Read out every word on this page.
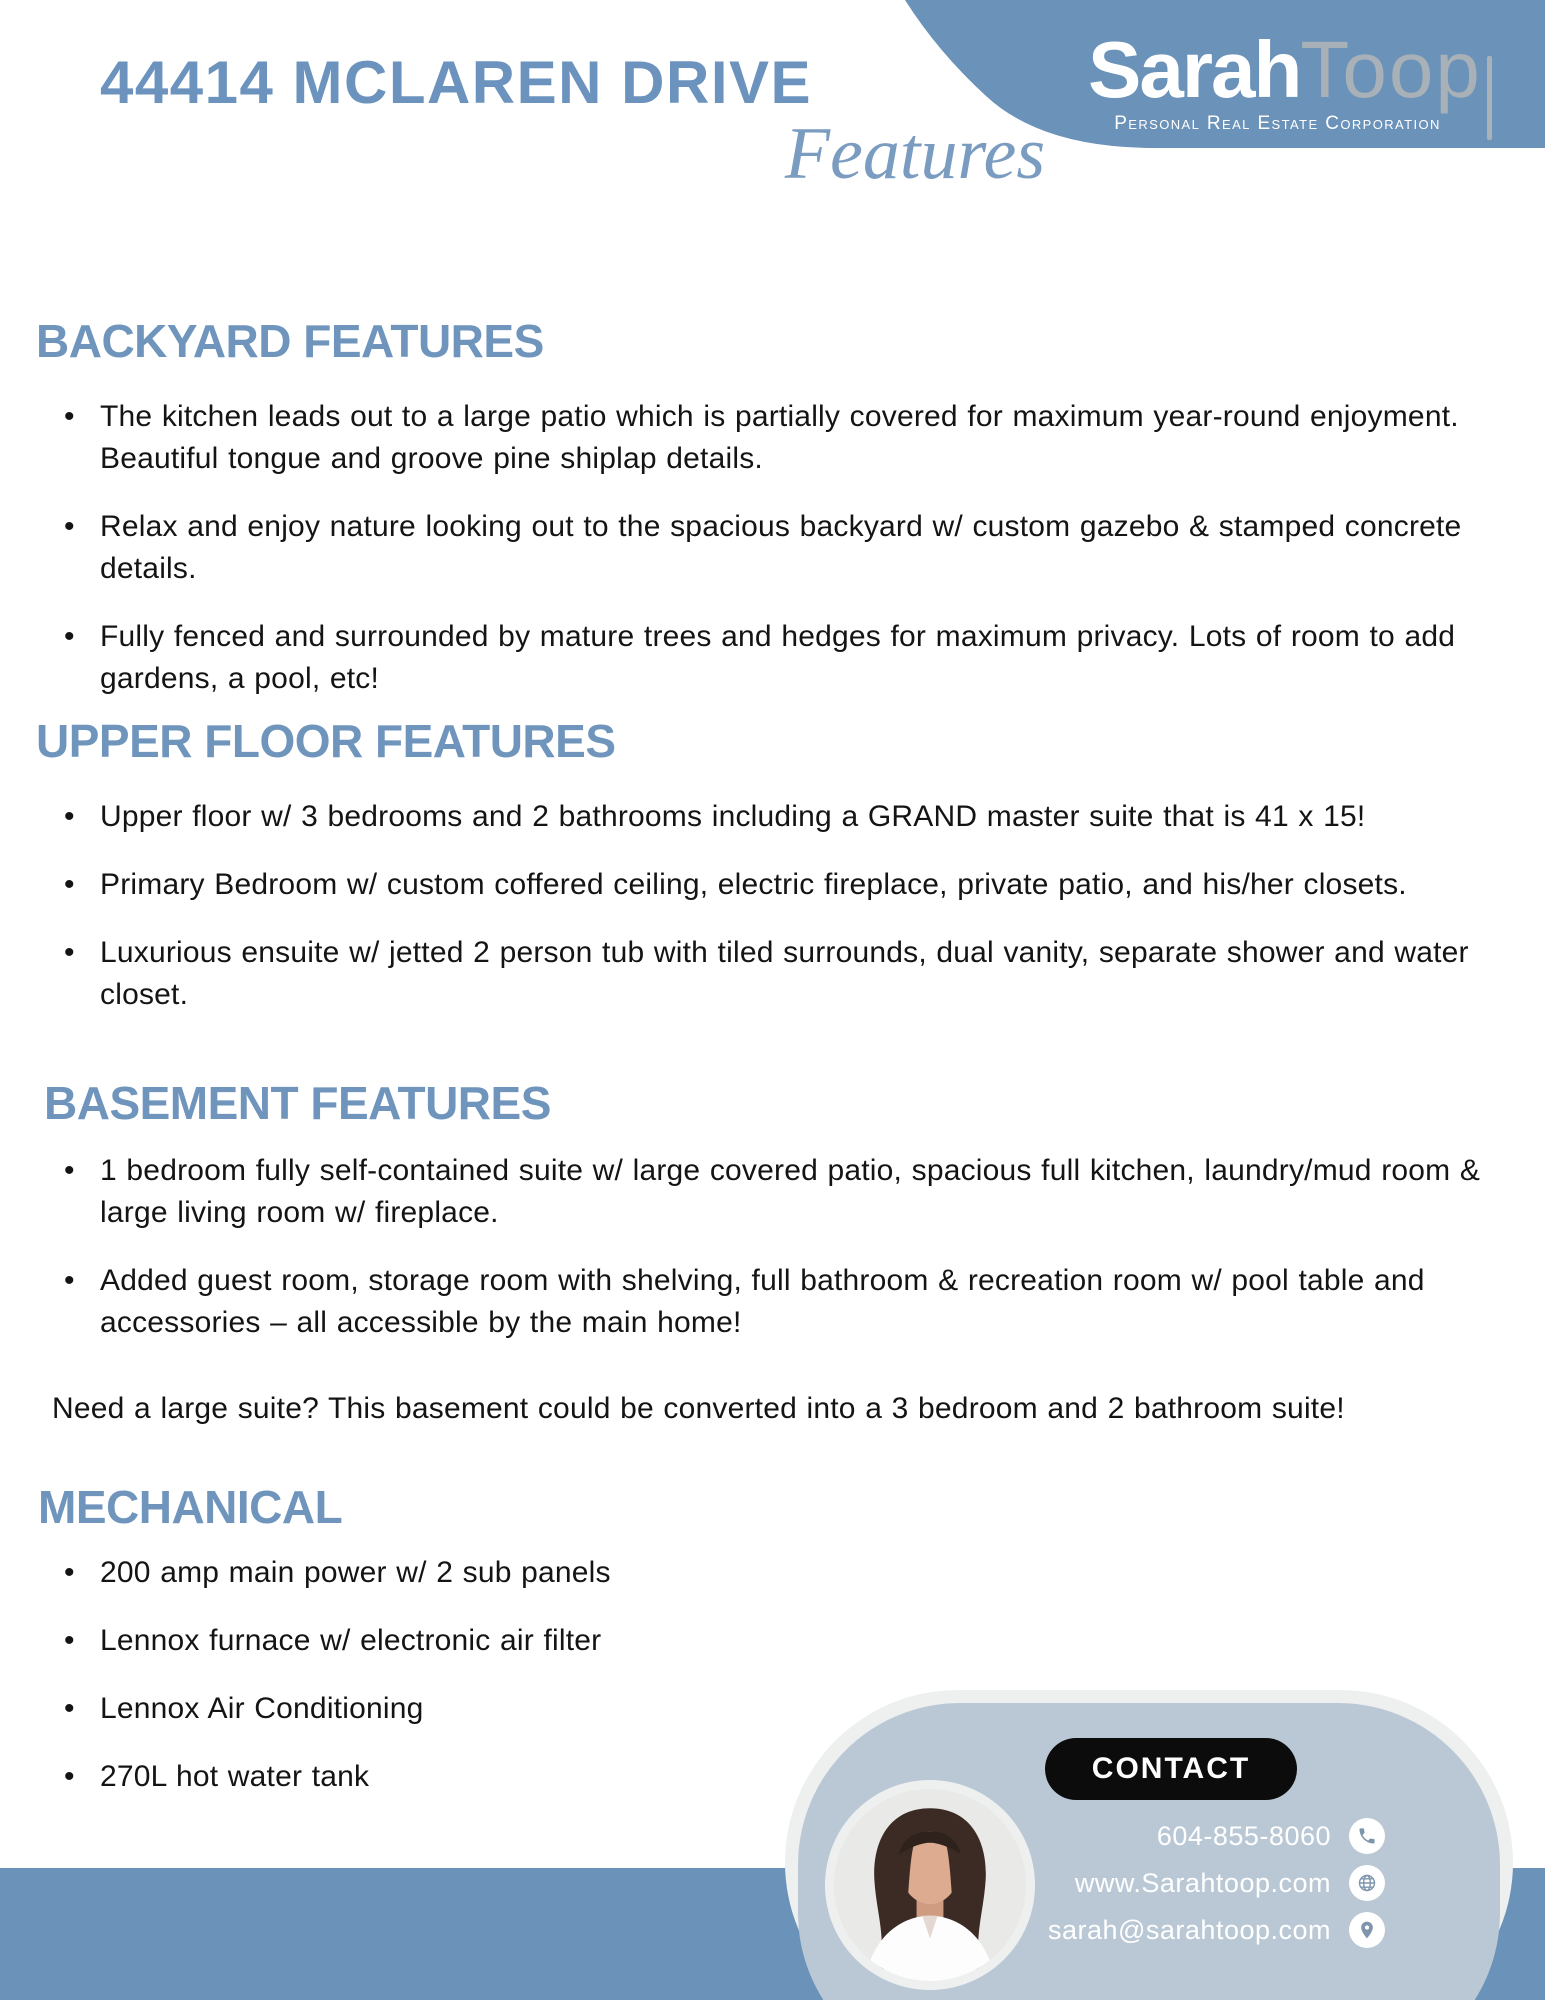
SarahToop
Personal Real Estate Corporation
44414 MCLAREN DRIVE
Features
BACKYARD FEATURES
• The kitchen leads out to a large patio which is partially covered for maximum year-round enjoyment. Beautiful tongue and groove pine shiplap details.
• Relax and enjoy nature looking out to the spacious backyard w/ custom gazebo & stamped concrete details.
• Fully fenced and surrounded by mature trees and hedges for maximum privacy. Lots of room to add gardens, a pool, etc!
UPPER FLOOR FEATURES
• Upper floor w/ 3 bedrooms and 2 bathrooms including a GRAND master suite that is 41 x 15!
• Primary Bedroom w/ custom coffered ceiling, electric fireplace, private patio, and his/her closets.
• Luxurious ensuite w/ jetted 2 person tub with tiled surrounds, dual vanity, separate shower and water closet.
BASEMENT FEATURES
• 1 bedroom fully self-contained suite w/ large covered patio, spacious full kitchen, laundry/mud room & large living room w/ fireplace.
• Added guest room, storage room with shelving, full bathroom & recreation room w/ pool table and accessories – all accessible by the main home!
Need a large suite? This basement could be converted into a 3 bedroom and 2 bathroom suite!
MECHANICAL
• 200 amp main power w/ 2 sub panels
• Lennox furnace w/ electronic air filter
• Lennox Air Conditioning
• 270L hot water tank	CONTACT
604-855-8060
www.Sarahtoop.com
sarah@sarahtoop.com
